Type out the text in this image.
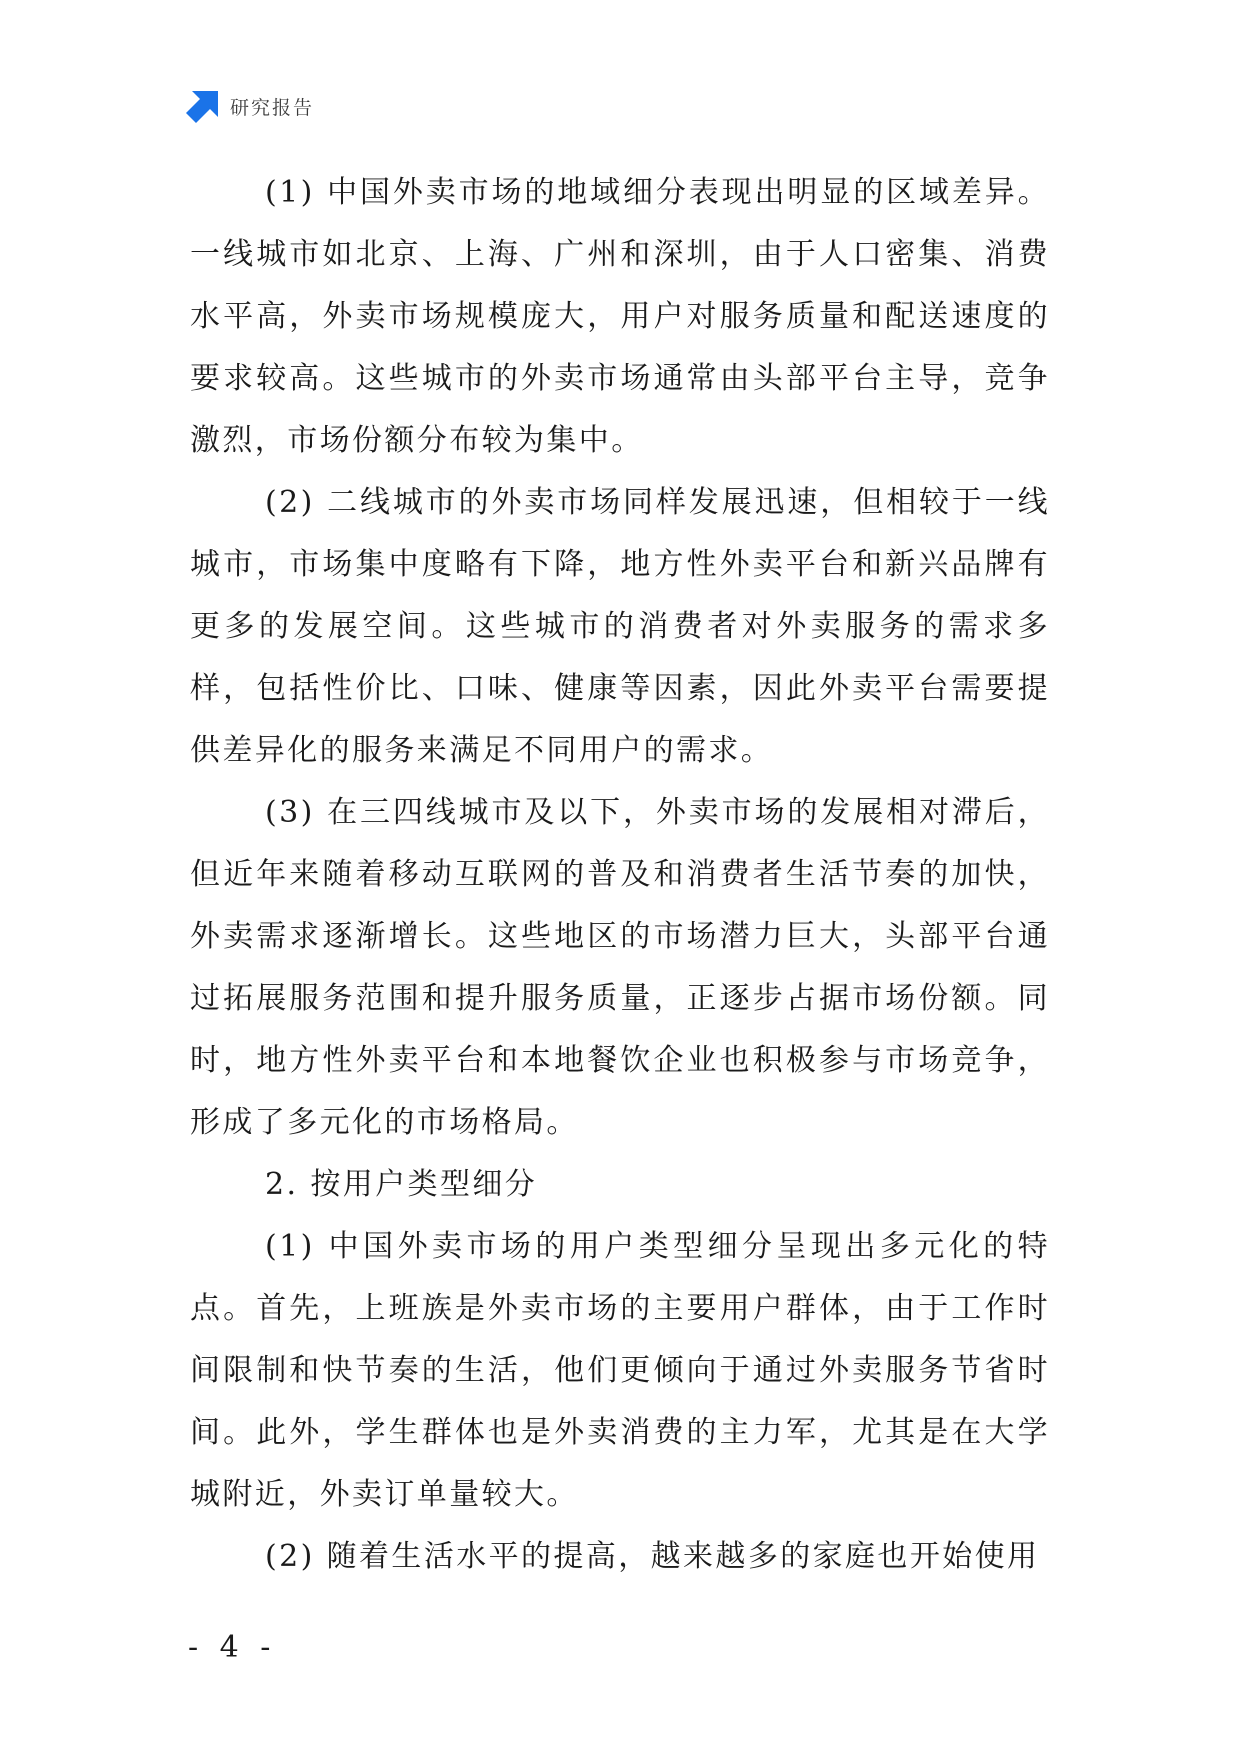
研究报告

(1) 中国外卖市场的地域细分表现出明显的区域差异。一线城市如北京、上海、广州和深圳，由于人口密集、消费水平高，外卖市场规模庞大，用户对服务质量和配送速度的要求较高。这些城市的外卖市场通常由头部平台主导，竞争激烈，市场份额分布较为集中。

(2) 二线城市的外卖市场同样发展迅速，但相较于一线城市，市场集中度略有下降，地方性外卖平台和新兴品牌有更多的发展空间。这些城市的消费者对外卖服务的需求多样，包括性价比、口味、健康等因素，因此外卖平台需要提供差异化的服务来满足不同用户的需求。

(3) 在三四线城市及以下，外卖市场的发展相对滞后，但近年来随着移动互联网的普及和消费者生活节奏的加快，外卖需求逐渐增长。这些地区的市场潜力巨大，头部平台通过拓展服务范围和提升服务质量，正逐步占据市场份额。同时，地方性外卖平台和本地餐饮企业也积极参与市场竞争，形成了多元化的市场格局。

2. 按用户类型细分

(1) 中国外卖市场的用户类型细分呈现出多元化的特点。首先，上班族是外卖市场的主要用户群体，由于工作时间限制和快节奏的生活，他们更倾向于通过外卖服务节省时间。此外，学生群体也是外卖消费的主力军，尤其是在大学城附近，外卖订单量较大。

(2) 随着生活水平的提高，越来越多的家庭也开始使用

- 4 -
